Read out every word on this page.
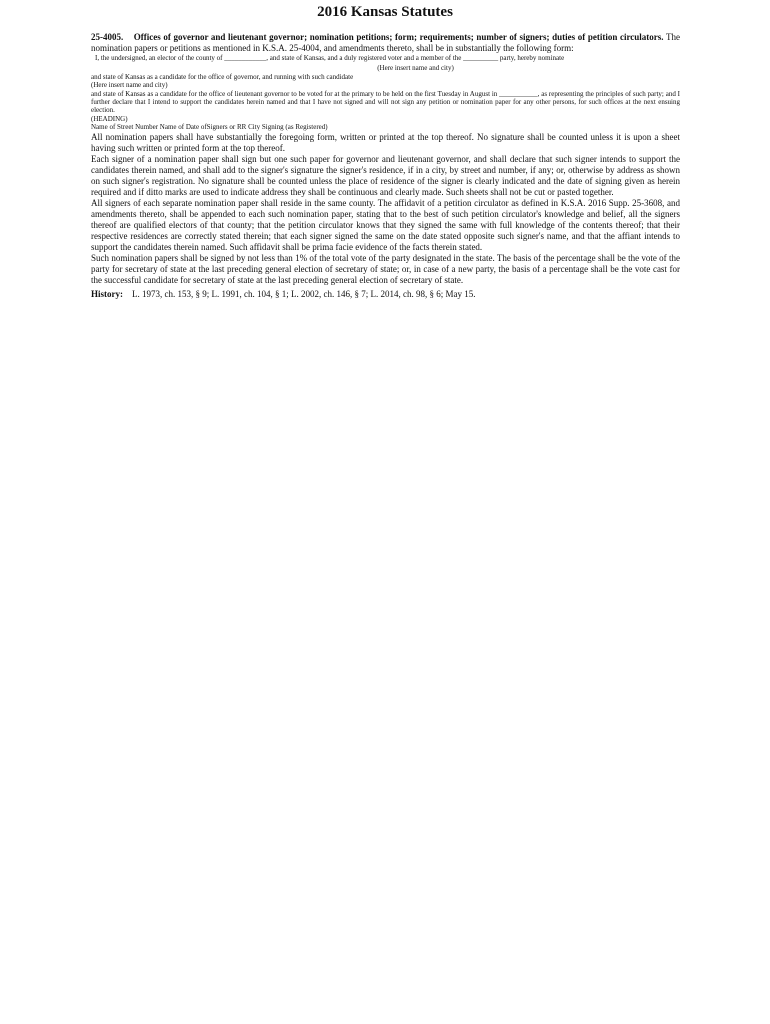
2016 Kansas Statutes

25-4005. Offices of governor and lieutenant governor; nomination petitions; form; requirements; number of signers; duties of petition circulators. The nomination papers or petitions as mentioned in K.S.A. 25-4004, and amendments thereto, shall be in substantially the following form:

I, the undersigned, an elector of the county of ____________, and state of Kansas, and a duly registered voter and a member of the __________ party, hereby nominate

(Here insert name and city)

and state of Kansas as a candidate for the office of governor, and running with such candidate

(Here insert name and city)

and state of Kansas as a candidate for the office of lieutenant governor to be voted for at the primary to be held on the first Tuesday in August in ___________, as representing the principles of such party; and I further declare that I intend to support the candidates herein named and that I have not signed and will not sign any petition or nomination paper for any other persons, for such offices at the next ensuing election.

(HEADING)

Name of Street Number Name of Date ofSigners or RR City Signing (as Registered)

All nomination papers shall have substantially the foregoing form, written or printed at the top thereof. No signature shall be counted unless it is upon a sheet having such written or printed form at the top thereof.

Each signer of a nomination paper shall sign but one such paper for governor and lieutenant governor, and shall declare that such signer intends to support the candidates therein named, and shall add to the signer's signature the signer's residence, if in a city, by street and number, if any; or, otherwise by address as shown on such signer's registration. No signature shall be counted unless the place of residence of the signer is clearly indicated and the date of signing given as herein required and if ditto marks are used to indicate address they shall be continuous and clearly made. Such sheets shall not be cut or pasted together.

All signers of each separate nomination paper shall reside in the same county. The affidavit of a petition circulator as defined in K.S.A. 2016 Supp. 25-3608, and amendments thereto, shall be appended to each such nomination paper, stating that to the best of such petition circulator's knowledge and belief, all the signers thereof are qualified electors of that county; that the petition circulator knows that they signed the same with full knowledge of the contents thereof; that their respective residences are correctly stated therein; that each signer signed the same on the date stated opposite such signer's name, and that the affiant intends to support the candidates therein named. Such affidavit shall be prima facie evidence of the facts therein stated.

Such nomination papers shall be signed by not less than 1% of the total vote of the party designated in the state. The basis of the percentage shall be the vote of the party for secretary of state at the last preceding general election of secretary of state; or, in case of a new party, the basis of a percentage shall be the vote cast for the successful candidate for secretary of state at the last preceding general election of secretary of state.

History: L. 1973, ch. 153, § 9; L. 1991, ch. 104, § 1; L. 2002, ch. 146, § 7; L. 2014, ch. 98, § 6; May 15.
